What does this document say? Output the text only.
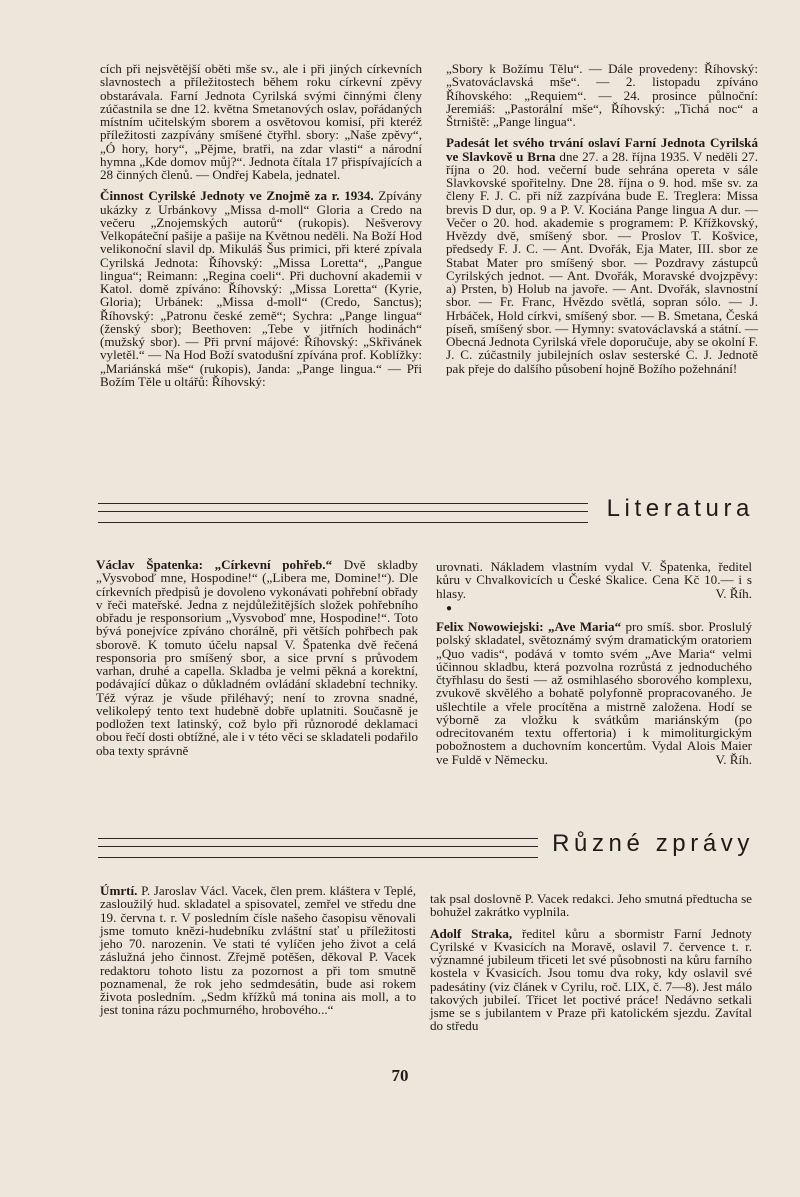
cích při nejsvětější oběti mše sv., ale i při jiných církevních slavnostech a příležitostech během roku církevní zpěvy obstarávala. Farní Jednota Cyrilská svými činnými členy zúčastnila se dne 12. května Smetanových oslav, pořádaných místním učitelským sborem a osvětovou komisí, při kteréž příležitosti zazpívány smíšené čtyřhl. sbory: „Naše zpěvy“, „Ó hory, hory“, „Pějme, bratři, na zdar vlasti“ a národní hymna „Kde domov můj?“. Jednota čítala 17 přispívajících a 28 činných členů. — Ondřej Kabela, jednatel.

Činnost Cyrilské Jednoty ve Znojmě za r. 1934. Zpívány ukázky z Urbánkovy „Missa d-moll“ Gloria a Credo na večeru „Znojemských autorů“ (rukopis). Nešverovy Velkopáteční pašije a pašije na Květnou neděli. Na Boží Hod velikonoční slavil dp. Mikuláš Šus primici, při které zpívala Cyrilská Jednota: Říhovský: „Missa Loretta“, „Pangue lingua“; Reimann: „Regina coeli“. Při duchovní akademii v Katol. domě zpíváno: Říhovský: „Missa Loretta“ (Kyrie, Gloria); Urbánek: „Missa d-moll“ (Credo, Sanctus); Říhovský: „Patronu české země“; Sychra: „Pange lingua“ (ženský sbor); Beethoven: „Tebe v jitřních hodinách“ (mužský sbor). — Při první májové: Říhovský: „Skřivánek vyletěl.“ — Na Hod Boží svatodušní zpívána prof. Koblížky: „Mariánská mše“ (rukopis), Janda: „Pange lingua.“ — Při Božím Těle u oltářů: Říhovský:

„Sbory k Božímu Tělu“. — Dále provedeny: Říhovský: „Svatováclavská mše“. — 2. listopadu zpíváno Říhovského: „Requiem“. — 24. prosince půlnoční: Jeremiáš: „Pastorální mše“, Říhovský: „Tichá noc“ a Štrniště: „Pange lingua“.

Padesát let svého trvání oslaví Farní Jednota Cyrilská ve Slavkově u Brna dne 27. a 28. října 1935. V neděli 27. října o 20. hod. večerní bude sehrána opereta v sále Slavkovské spořitelny. Dne 28. října o 9. hod. mše sv. za členy F. J. C. při níž zazpívána bude E. Treglera: Missa brevis D dur, op. 9 a P. V. Kociána Pange lingua A dur. — Večer o 20. hod. akademie s programem: P. Křížkovský, Hvězdy dvě, smíšený sbor. — Proslov T. Košvice, předsedy F. J. C. — Ant. Dvořák, Eja Mater, III. sbor ze Stabat Mater pro smíšený sbor. — Pozdravy zástupců Cyrilských jednot. — Ant. Dvořák, Moravské dvojzpěvy: a) Prsten, b) Holub na javoře. — Ant. Dvořák, slavnostní sbor. — Fr. Franc, Hvězdo světlá, sopran sólo. — J. Hrbáček, Hold církvi, smíšený sbor. — B. Smetana, Česká píseň, smíšený sbor. — Hymny: svatováclavská a státní. — Obecná Jednota Cyrilská vřele doporučuje, aby se okolní F. J. C. zúčastnily jubilejních oslav sesterské C. J. Jednotě pak přeje do dalšího působení hojně Božího požehnání!

Literatura

Václav Špatenka: „Církevní pohřeb.“ Dvě skladby „Vysvoboď mne, Hospodine!“ („Libera me, Domine!“). Dle církevních předpisů je dovoleno vykonávati pohřební obřady v řeči mateřské. Jedna z nejdůležitějších složek pohřebního obřadu je responsorium „Vysvoboď mne, Hospodine!“. Toto bývá ponejvíce zpíváno chorálně, při větších pohřbech pak sborově. K tomuto účelu napsal V. Špatenka dvě řečená responsoria pro smíšený sbor, a sice první s průvodem varhan, druhé a capella. Skladba je velmi pěkná a korektní, podávající důkaz o důkladném ovládání skladební techniky. Též výraz je všude přiléhavý; není to zrovna snadné, velikolepý tento text hudebně dobře uplatniti. Současně je podložen text latinský, což bylo při různorodé deklamaci obou řečí dosti obtížné, ale i v této věci se skladateli podařilo oba texty správně

urovnati. Nákladem vlastním vydal V. Špatenka, ředitel kůru v Chvalkovicích u České Skalice. Cena Kč 10.— i s hlasy.	V. Říh.
●

Felix Nowowiejski: „Ave Maria“ pro smíš. sbor. Proslulý polský skladatel, světoznámý svým dramatickým oratoriem „Quo vadis“, podává v tomto svém „Ave Maria“ velmi účinnou skladbu, která pozvolna rozrůstá z jednoduchého čtyřhlasu do šesti — až osmihlasého sborového komplexu, zvukově skvělého a bohatě polyfonně propracovaného. Je ušlechtile a vřele procítěna a mistrně založena. Hodí se výborně za vložku k svátkům mariánským (po odrecitovaném textu offertoria) i k mimoliturgickým pobožnostem a duchovním koncertům. Vydal Alois Maier ve Fuldě v Německu.	V. Říh.
Různé zprávy

Úmrtí. P. Jaroslav Václ. Vacek, člen prem. kláštera v Teplé, zasloužilý hud. skladatel a spisovatel, zemřel ve středu dne 19. června t. r. V posledním čísle našeho časopisu věnovali jsme tomuto knězi-hudebníku zvláštní stať u příležitosti jeho 70. narozenin. Ve stati té vylíčen jeho život a celá záslužná jeho činnost. Zřejmě potěšen, děkoval P. Vacek redaktoru tohoto listu za pozornost a při tom smutně poznamenal, že rok jeho sedmdesátin, bude asi rokem života posledním. „Sedm křížků má tonina ais moll, a to jest tonina rázu pochmurného, hrobového...“

tak psal doslovně P. Vacek redakci. Jeho smutná předtucha se bohužel zakrátko vyplnila.

Adolf Straka, ředitel kůru a sbormistr Farní Jednoty Cyrilské v Kvasicích na Moravě, oslavil 7. července t. r. významné jubileum třiceti let své působnosti na kůru farního kostela v Kvasicích. Jsou tomu dva roky, kdy oslavil své padesátiny (viz článek v Cyrilu, roč. LIX, č. 7—8). Jest málo takových jubileí. Třicet let poctivé práce! Nedávno setkali jsme se s jubilantem v Praze při katolickém sjezdu. Zavítal do středu

70
